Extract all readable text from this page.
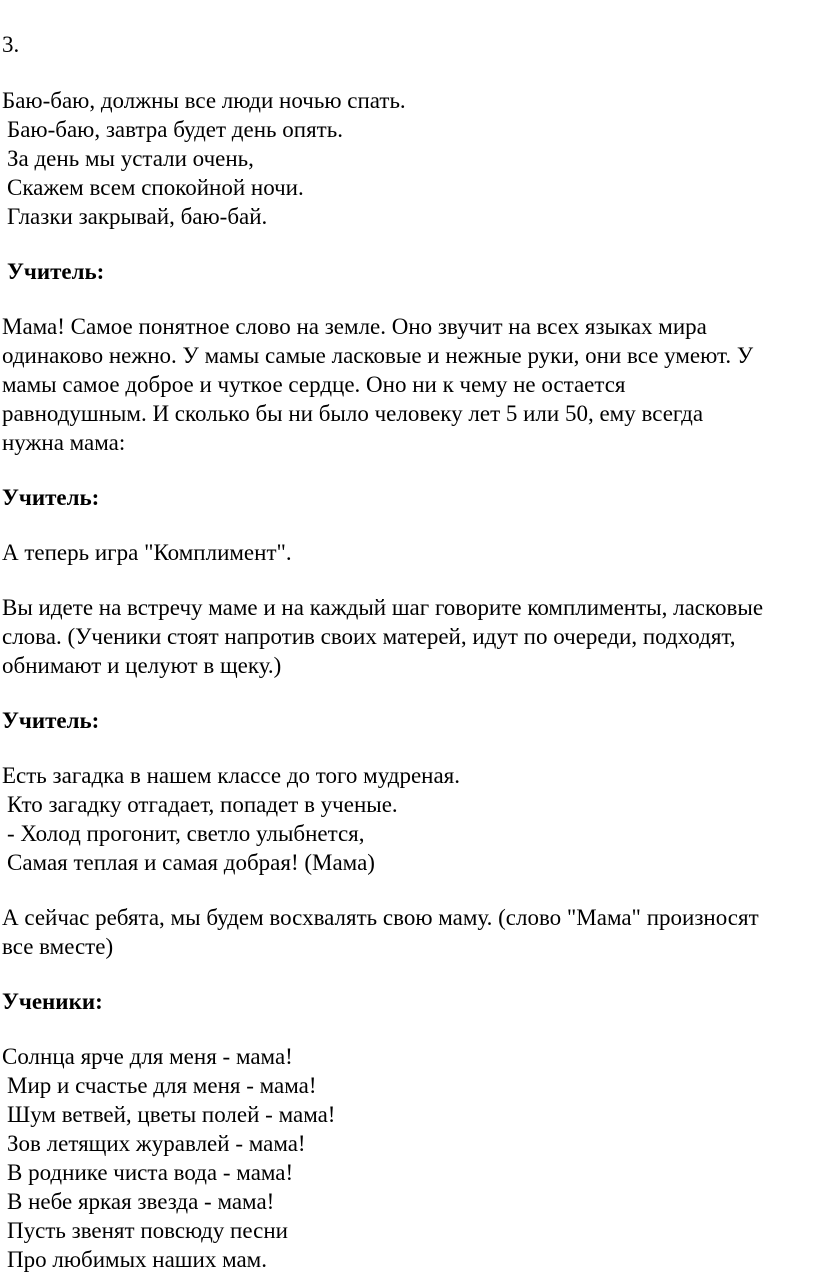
3.
Баю-баю, должны все люди ночью спать.
Баю-баю, завтра будет день опять.
За день мы устали очень,
Скажем всем спокойной ночи.
Глазки закрывай, баю-бай.
Учитель:
Мама! Самое понятное слово на земле. Оно звучит на всех языках мира
одинаково нежно. У мамы самые ласковые и нежные руки, они все умеют. У
мамы самое доброе и чуткое сердце. Оно ни к чему не остается
равнодушным. И сколько бы ни было человеку лет 5 или 50, ему всегда
нужна мама:
Учитель:
А теперь игра "Комплимент".
Вы идете на встречу маме и на каждый шаг говорите комплименты, ласковые
слова. (Ученики стоят напротив своих матерей, идут по очереди, подходят,
обнимают и целуют в щеку.)
Учитель:
Есть загадка в нашем классе до того мудреная.
Кто загадку отгадает, попадет в ученые.
- Холод прогонит, светло улыбнется,
Самая теплая и самая добрая! (Мама)
А сейчас ребята, мы будем восхвалять свою маму. (слово "Мама" произносят
все вместе)
Ученики:
Солнца ярче для меня - мама!
Мир и счастье для меня - мама!
Шум ветвей, цветы полей - мама!
Зов летящих журавлей - мама!
В роднике чиста вода - мама!
В небе яркая звезда - мама!
Пусть звенят повсюду песни
Про любимых наших мам.
